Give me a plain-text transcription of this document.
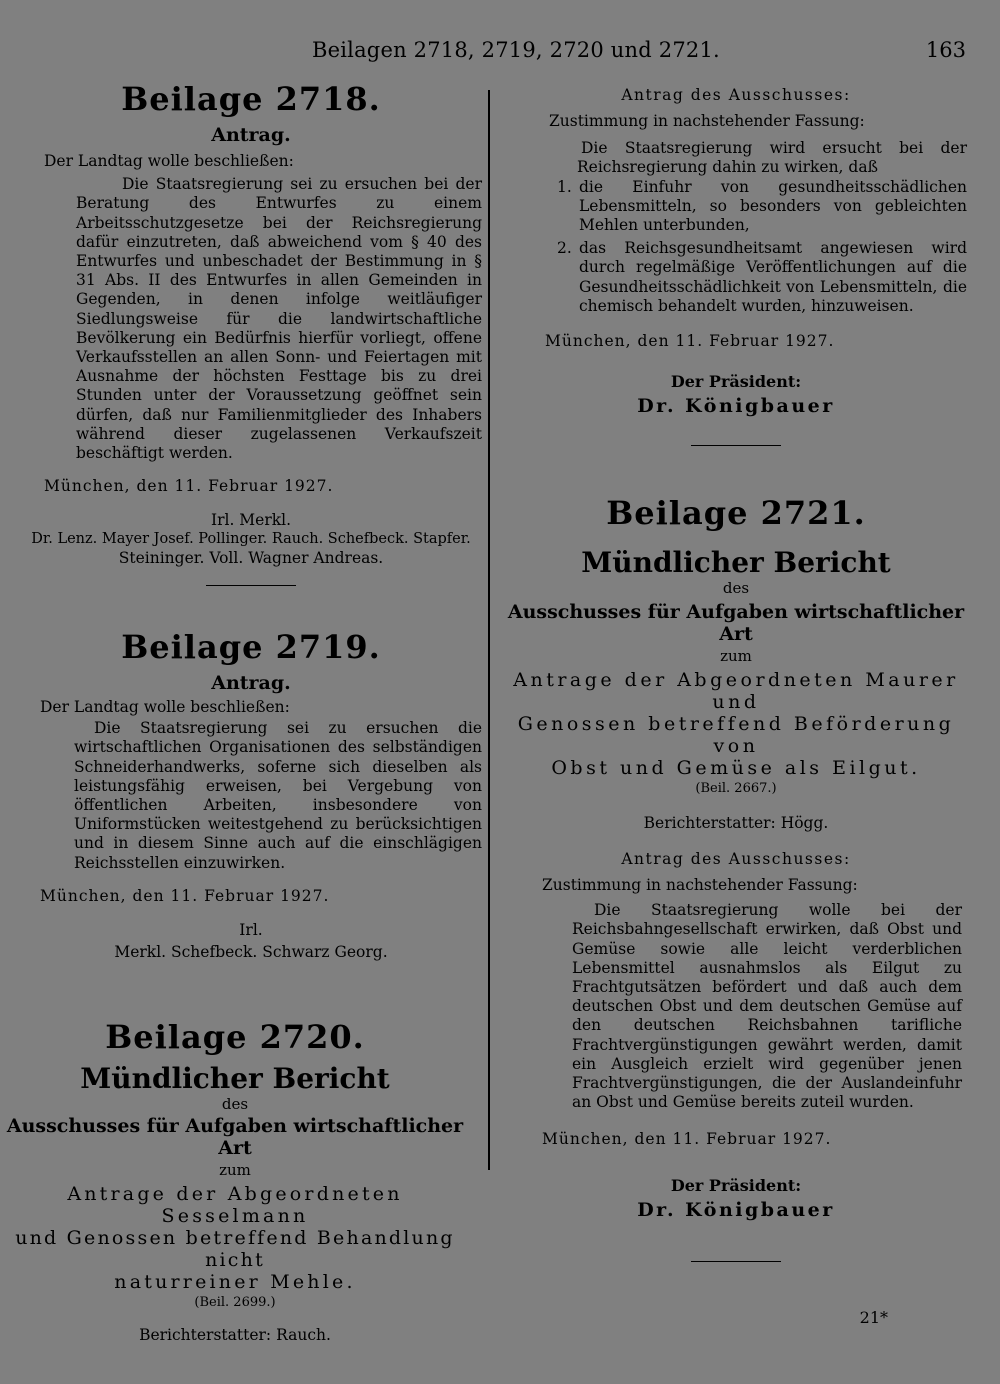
Beilagen 2718, 2719, 2720 und 2721.	163

Beilage 2718.

Antrag.

Der Landtag wolle beschließen:

Die Staatsregierung sei zu ersuchen bei der Beratung des Entwurfes zu einem Arbeitsschutzgesetze bei der Reichsregierung dafür einzutreten, daß abweichend vom § 40 des Entwurfes und unbeschadet der Bestimmung in § 31 Abs. II des Entwurfes in allen Gemeinden in Gegenden, in denen infolge weitläufiger Siedlungsweise für die landwirtschaftliche Bevölkerung ein Bedürfnis hierfür vorliegt, offene Verkaufsstellen an allen Sonn- und Feiertagen mit Ausnahme der höchsten Festtage bis zu drei Stunden unter der Voraussetzung geöffnet sein dürfen, daß nur Familienmitglieder des Inhabers während dieser zugelassenen Verkaufszeit beschäftigt werden.

München, den 11. Februar 1927.

Irl. Merkl.

Dr. Lenz. Mayer Josef. Pollinger. Rauch. Schefbeck. Stapfer.

Steininger. Voll. Wagner Andreas.

Beilage 2719.

Antrag.

Der Landtag wolle beschließen:

Die Staatsregierung sei zu ersuchen die wirtschaftlichen Organisationen des selbständigen Schneiderhandwerks, soferne sich dieselben als leistungsfähig erweisen, bei Vergebung von öffentlichen Arbeiten, insbesondere von Uniformstücken weitestgehend zu berücksichtigen und in diesem Sinne auch auf die einschlägigen Reichsstellen einzuwirken.

München, den 11. Februar 1927.

Irl.

Merkl. Schefbeck. Schwarz Georg.

Beilage 2720.

Mündlicher Bericht

des

Ausschusses für Aufgaben wirtschaftlicher Art

zum

Antrage der Abgeordneten Sesselmann

und Genossen betreffend Behandlung nicht

naturreiner Mehle.

(Beil. 2699.)

Berichterstatter: Rauch.

Antrag des Ausschusses:

Zustimmung in nachstehender Fassung:

Die Staatsregierung wird ersucht bei der Reichsregierung dahin zu wirken, daß

1. die Einfuhr von gesundheitsschädlichen Lebensmitteln, so besonders von gebleichten Mehlen unterbunden,
2. das Reichsgesundheitsamt angewiesen wird durch regelmäßige Veröffentlichungen auf die Gesundheitsschädlichkeit von Lebensmitteln, die chemisch behandelt wurden, hinzuweisen.

München, den 11. Februar 1927.

Der Präsident:

Dr. Königbauer

Beilage 2721.

Mündlicher Bericht

des

Ausschusses für Aufgaben wirtschaftlicher Art

zum

Antrage der Abgeordneten Maurer und

Genossen betreffend Beförderung von

Obst und Gemüse als Eilgut.

(Beil. 2667.)

Berichterstatter: Högg.

Antrag des Ausschusses:

Zustimmung in nachstehender Fassung:

Die Staatsregierung wolle bei der Reichsbahngesellschaft erwirken, daß Obst und Gemüse sowie alle leicht verderblichen Lebensmittel ausnahmslos als Eilgut zu Frachtgutsätzen befördert und daß auch dem deutschen Obst und dem deutschen Gemüse auf den deutschen Reichsbahnen tarifliche Frachtvergünstigungen gewährt werden, damit ein Ausgleich erzielt wird gegenüber jenen Frachtvergünstigungen, die der Auslandeinfuhr an Obst und Gemüse bereits zuteil wurden.

München, den 11. Februar 1927.

Der Präsident:

Dr. Königbauer

21*
